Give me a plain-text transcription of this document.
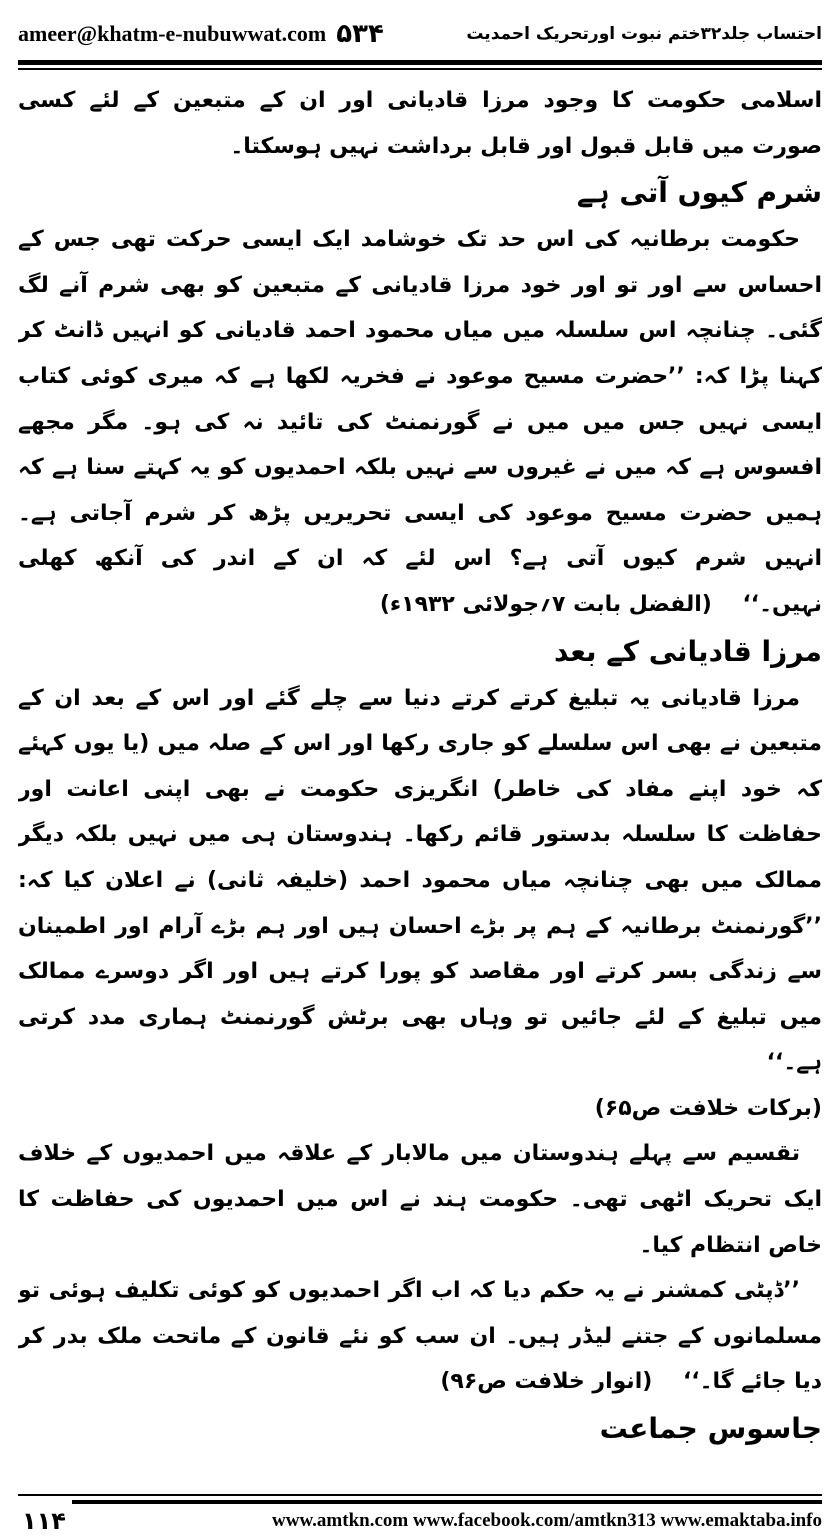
ameer@khatm-e-nubuwwat.com ۵۳۴	احتساب جلد۳۲ختم نبوت اورتحریک احمدیت

اسلامی حکومت کا وجود مرزا قادیانی اور ان کے متبعین کے لئے کسی صورت میں قابل قبول اور قابل برداشت نہیں ہوسکتا۔

شرم کیوں آتی ہے

حکومت برطانیہ کی اس حد تک خوشامد ایک ایسی حرکت تھی جس کے احساس سے اور تو اور خود مرزا قادیانی کے متبعین کو بھی شرم آنے لگ گئی۔ چنانچہ اس سلسلہ میں میاں محمود احمد قادیانی کو انہیں ڈانٹ کر کہنا پڑا کہ: ’’حضرت مسیح موعود نے فخریہ لکھا ہے کہ میری کوئی کتاب ایسی نہیں جس میں میں نے گورنمنٹ کی تائید نہ کی ہو۔ مگر مجھے افسوس ہے کہ میں نے غیروں سے نہیں بلکہ احمدیوں کو یہ کہتے سنا ہے کہ ہمیں حضرت مسیح موعود کی ایسی تحریریں پڑھ کر شرم آجاتی ہے۔ انہیں شرم کیوں آتی ہے؟ اس لئے کہ ان کے اندر کی آنکھ کھلی نہیں۔‘‘    (الفضل بابت ۷؍جولائی ۱۹۳۲ء)

مرزا قادیانی کے بعد

مرزا قادیانی یہ تبلیغ کرتے کرتے دنیا سے چلے گئے اور اس کے بعد ان کے متبعین نے بھی اس سلسلے کو جاری رکھا اور اس کے صلہ میں (یا یوں کہئے کہ خود اپنے مفاد کی خاطر) انگریزی حکومت نے بھی اپنی اعانت اور حفاظت کا سلسلہ بدستور قائم رکھا۔ ہندوستان ہی میں نہیں بلکہ دیگر ممالک میں بھی چنانچہ میاں محمود احمد (خلیفہ ثانی) نے اعلان کیا کہ: ’’گورنمنٹ برطانیہ کے ہم پر بڑے احسان ہیں اور ہم بڑے آرام اور اطمینان سے زندگی بسر کرتے اور مقاصد کو پورا کرتے ہیں اور اگر دوسرے ممالک میں تبلیغ کے لئے جائیں تو وہاں بھی برٹش گورنمنٹ ہماری مدد کرتی ہے۔‘‘

(برکات خلافت ص۶۵)

تقسیم سے پہلے ہندوستان میں مالابار کے علاقہ میں احمدیوں کے خلاف ایک تحریک اٹھی تھی۔ حکومت ہند نے اس میں احمدیوں کی حفاظت کا خاص انتظام کیا۔

’’ڈپٹی کمشنر نے یہ حکم دیا کہ اب اگر احمدیوں کو کوئی تکلیف ہوئی تو مسلمانوں کے جتنے لیڈر ہیں۔ ان سب کو نئے قانون کے ماتحت ملک بدر کر دیا جائے گا۔‘‘    (انوار خلافت ص۹۶)

جاسوس جماعت

۱۱۴	www.amtkn.com www.facebook.com/amtkn313 www.emaktaba.info
